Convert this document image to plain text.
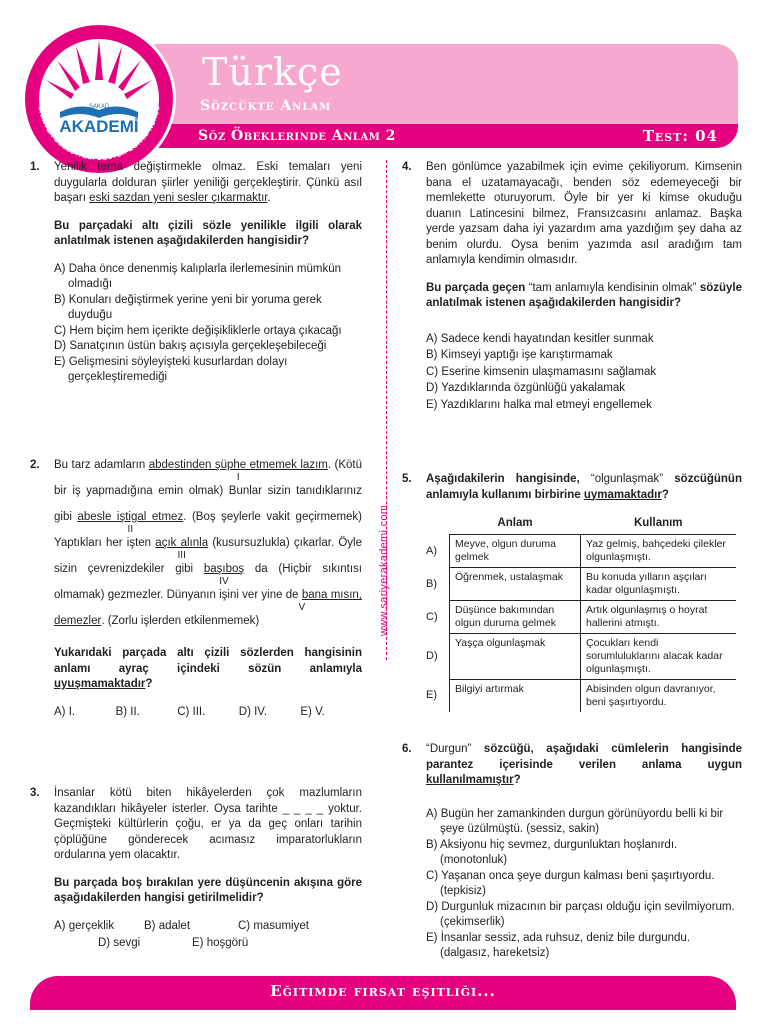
SAKAD
AKADEMİ
SARIYER BELEDİYESİ DESTEK EĞİTİM KURSU
Türkçe
Sözcükte Anlam
Söz Öbeklerinde Anlam 2	Test: 04
1. Yenilik tema değiştirmekle olmaz. Eski temaları yeni duygularla dolduran şiirler yeniliği gerçekleştirir. Çünkü asıl başarı eski sazdan yeni sesler çıkarmaktır.

Bu parçadaki altı çizili sözle yenilikle ilgili olarak anlatılmak istenen aşağıdakilerden hangisidir?

A) Daha önce denenmiş kalıplarla ilerlemesinin mümkün olmadığı
B) Konuları değiştirmek yerine yeni bir yoruma gerek duyduğu
C) Hem biçim hem içerikte değişikliklerle ortaya çıkacağı
D) Sanatçının üstün bakış açısıyla gerçekleşebileceği
E) Gelişmesini söyleyişteki kusurlardan dolayı gerçekleştiremediği
2. Bu tarz adamların abdestinden şüphe etmemek lazım
I
. (Kötü bir iş yapmadığına emin olmak) Bunlar sizin tanıdıklarınız gibi abesle iştigal etmez
II
. (Boş şeylerle vakit geçirmemek) Yaptıkları her işten açık alınla
III
(kusursuzlukla) çıkarlar. Öyle sizin çevrenizdekiler gibi başıboş
IV
da (Hiçbir sıkıntısı olmamak) gezmezler. Dünyanın işini ver yine de bana mısın, demezler
V
. (Zorlu işlerden etkilenmemek)

Yukarıdaki parçada altı çizili sözlerden hangisinin anlamı ayraç içindeki sözün anlamıyla uyuşmamaktadır?

A) I.	B) II.	C) III.	D) IV.	E) V.
3. İnsanlar kötü biten hikâyelerden çok mazlumların kazandıkları hikâyeler isterler. Oysa tarihte _ _ _ _ yoktur. Geçmişteki kültürlerin çoğu, er ya da geç onları tarihin çöplüğüne gönderecek acımasız imparatorlukların ordularına yem olacaktır.

Bu parçada boş bırakılan yere düşüncenin akışına göre aşağıdakilerden hangisi getirilmelidir?

A) gerçeklik	B) adalet	C) masumiyet
D) sevgi	E) hoşgörü
www.sariyerakademi.com
4. Ben gönlümce yazabilmek için evime çekiliyorum. Kimsenin bana el uzatamayacağı, benden söz edemeyeceği bir memlekette oturuyorum. Öyle bir yer ki kimse okuduğu duanın Latincesini bilmez, Fransızcasını anlamaz. Başka yerde yazsam daha iyi yazardım ama yazdığım şey daha az benim olurdu. Oysa benim yazımda asıl aradığım tam anlamıyla kendimin olmasıdır.

Bu parçada geçen “tam anlamıyla kendisinin olmak” sözüyle anlatılmak istenen aşağıdakilerden hangisidir?

A) Sadece kendi hayatından kesitler sunmak
B) Kimseyi yaptığı işe karıştırmamak
C) Eserine kimsenin ulaşmamasını sağlamak
D) Yazdıklarında özgünlüğü yakalamak
E) Yazdıklarını halka mal etmeyi engellemek
5. Aşağıdakilerin hangisinde, “olgunlaşmak” sözcüğünün anlamıyla kullanımı birbirine uymamaktadır?

	Anlam	Kullanım
A)	Meyve, olgun duruma gelmek	Yaz gelmiş, bahçedeki çilekler olgunlaşmıştı.
B)	Öğrenmek, ustalaşmak	Bu konuda yılların aşçıları kadar olgunlaşmıştı.
C)	Düşünce bakımından olgun duruma gelmek	Artık olgunlaşmış o hoyrat hallerini atmıştı.
D)	Yaşça olgunlaşmak	Çocukları kendi sorumluluklarını alacak kadar olgunlaşmıştı.
E)	Bilgiyi artırmak	Abisinden olgun davranıyor, beni şaşırtıyordu.
6. “Durgun” sözcüğü, aşağıdaki cümlelerin hangisinde parantez içerisinde verilen anlama uygun kullanılmamıştır?

A) Bugün her zamankinden durgun görünüyordu belli ki bir şeye üzülmüştü. (sessiz, sakin)
B) Aksiyonu hiç sevmez, durgunluktan hoşlanırdı. (monotonluk)
C) Yaşanan onca şeye durgun kalması beni şaşırtıyordu. (tepkisiz)
D) Durgunluk mizacının bir parçası olduğu için sevilmiyorum. (çekimserlik)
E) İnsanlar sessiz, ada ruhsuz, deniz bile durgundu. (dalgasız, hareketsiz)
Eğitimde fırsat eşitliği...
